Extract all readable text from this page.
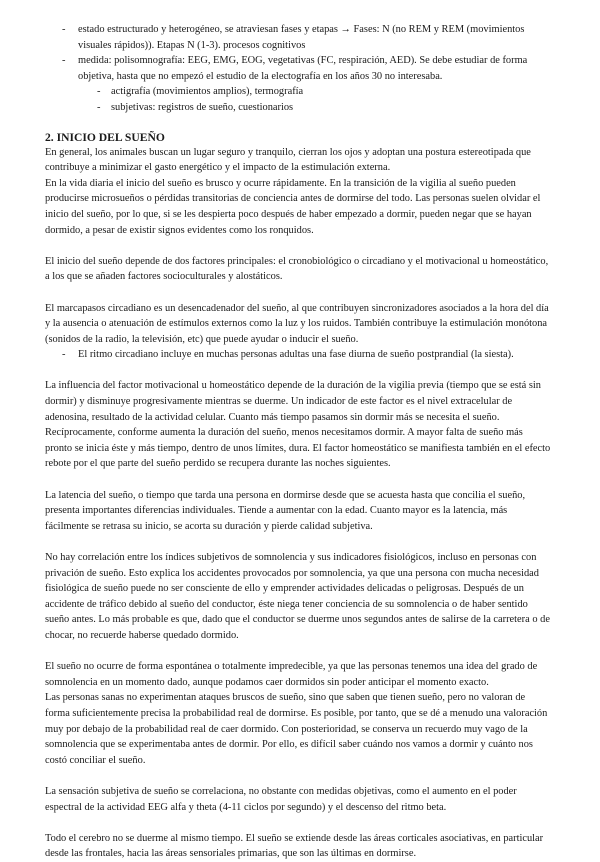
- estado estructurado y heterogéneo, se atraviesan fases y etapas → Fases: N (no REM y REM (movimientos visuales rápidos)). Etapas N (1-3). procesos cognitivos
- medida: polisomnografía: EEG, EMG, EOG, vegetativas (FC, respiración, AED). Se debe estudiar de forma objetiva, hasta que no empezó el estudio de la electografía en los años 30 no interesaba.
- actigrafía (movimientos amplios), termografía
- subjetivas: registros de sueño, cuestionarios
2. INICIO DEL SUEÑO

En general, los animales buscan un lugar seguro y tranquilo, cierran los ojos y adoptan una postura estereotipada que contribuye a minimizar el gasto energético y el impacto de la estimulación externa.

En la vida diaria el inicio del sueño es brusco y ocurre rápidamente. En la transición de la vigilia al sueño pueden producirse microsueños o pérdidas transitorias de conciencia antes de dormirse del todo. Las personas suelen olvidar el inicio del sueño, por lo que, si se les despierta poco después de haber empezado a dormir, pueden negar que se hayan dormido, a pesar de existir signos evidentes como los ronquidos.

El inicio del sueño depende de dos factores principales: el cronobiológico o circadiano y el motivacional u homeostático, a los que se añaden factores socioculturales y alostáticos.

El marcapasos circadiano es un desencadenador del sueño, al que contribuyen sincronizadores asociados a la hora del día y la ausencia o atenuación de estímulos externos como la luz y los ruidos. También contribuye la estimulación monótona (sonidos de la radio, la televisión, etc) que puede ayudar o inducir el sueño.

- El ritmo circadiano incluye en muchas personas adultas una fase diurna de sueño postprandial (la siesta).

La influencia del factor motivacional u homeostático depende de la duración de la vigilia previa (tiempo que se está sin dormir) y disminuye progresivamente mientras se duerme. Un indicador de este factor es el nivel extracelular de adenosina, resultado de la actividad celular. Cuanto más tiempo pasamos sin dormir más se necesita el sueño. Recíprocamente, conforme aumenta la duración del sueño, menos necesitamos dormir. A mayor falta de sueño más pronto se inicia éste y más tiempo, dentro de unos límites, dura. El factor homeostático se manifiesta también en el efecto rebote por el que parte del sueño perdido se recupera durante las noches siguientes.

La latencia del sueño, o tiempo que tarda una persona en dormirse desde que se acuesta hasta que concilia el sueño, presenta importantes diferencias individuales. Tiende a aumentar con la edad. Cuanto mayor es la latencia, más fácilmente se retrasa su inicio, se acorta su duración y pierde calidad subjetiva.

No hay correlación entre los índices subjetivos de somnolencia y sus indicadores fisiológicos, incluso en personas con privación de sueño. Esto explica los accidentes provocados por somnolencia, ya que una persona con mucha necesidad fisiológica de sueño puede no ser consciente de ello y emprender actividades delicadas o peligrosas. Después de un accidente de tráfico debido al sueño del conductor, éste niega tener conciencia de su somnolencia o de haber sentido sueño antes. Lo más probable es que, dado que el conductor se duerme unos segundos antes de salirse de la carretera o de chocar, no recuerde haberse quedado dormido.

El sueño no ocurre de forma espontánea o totalmente impredecible, ya que las personas tenemos una idea del grado de somnolencia en un momento dado, aunque podamos caer dormidos sin poder anticipar el momento exacto.

Las personas sanas no experimentan ataques bruscos de sueño, sino que saben que tienen sueño, pero no valoran de forma suficientemente precisa la probabilidad real de dormirse. Es posible, por tanto, que se dé a menudo una valoración muy por debajo de la probabilidad real de caer dormido. Con posterioridad, se conserva un recuerdo muy vago de la somnolencia que se experimentaba antes de dormir. Por ello, es difícil saber cuándo nos vamos a dormir y cuánto nos costó conciliar el sueño.

La sensación subjetiva de sueño se correlaciona, no obstante con medidas objetivas, como el aumento en el poder espectral de la actividad EEG alfa y theta (4-11 ciclos por segundo) y el descenso del ritmo beta.

Todo el cerebro no se duerme al mismo tiempo. El sueño se extiende desde las áreas corticales asociativas, en particular desde las frontales, hacia las áreas sensoriales primarias, que son las últimas en dormirse.
